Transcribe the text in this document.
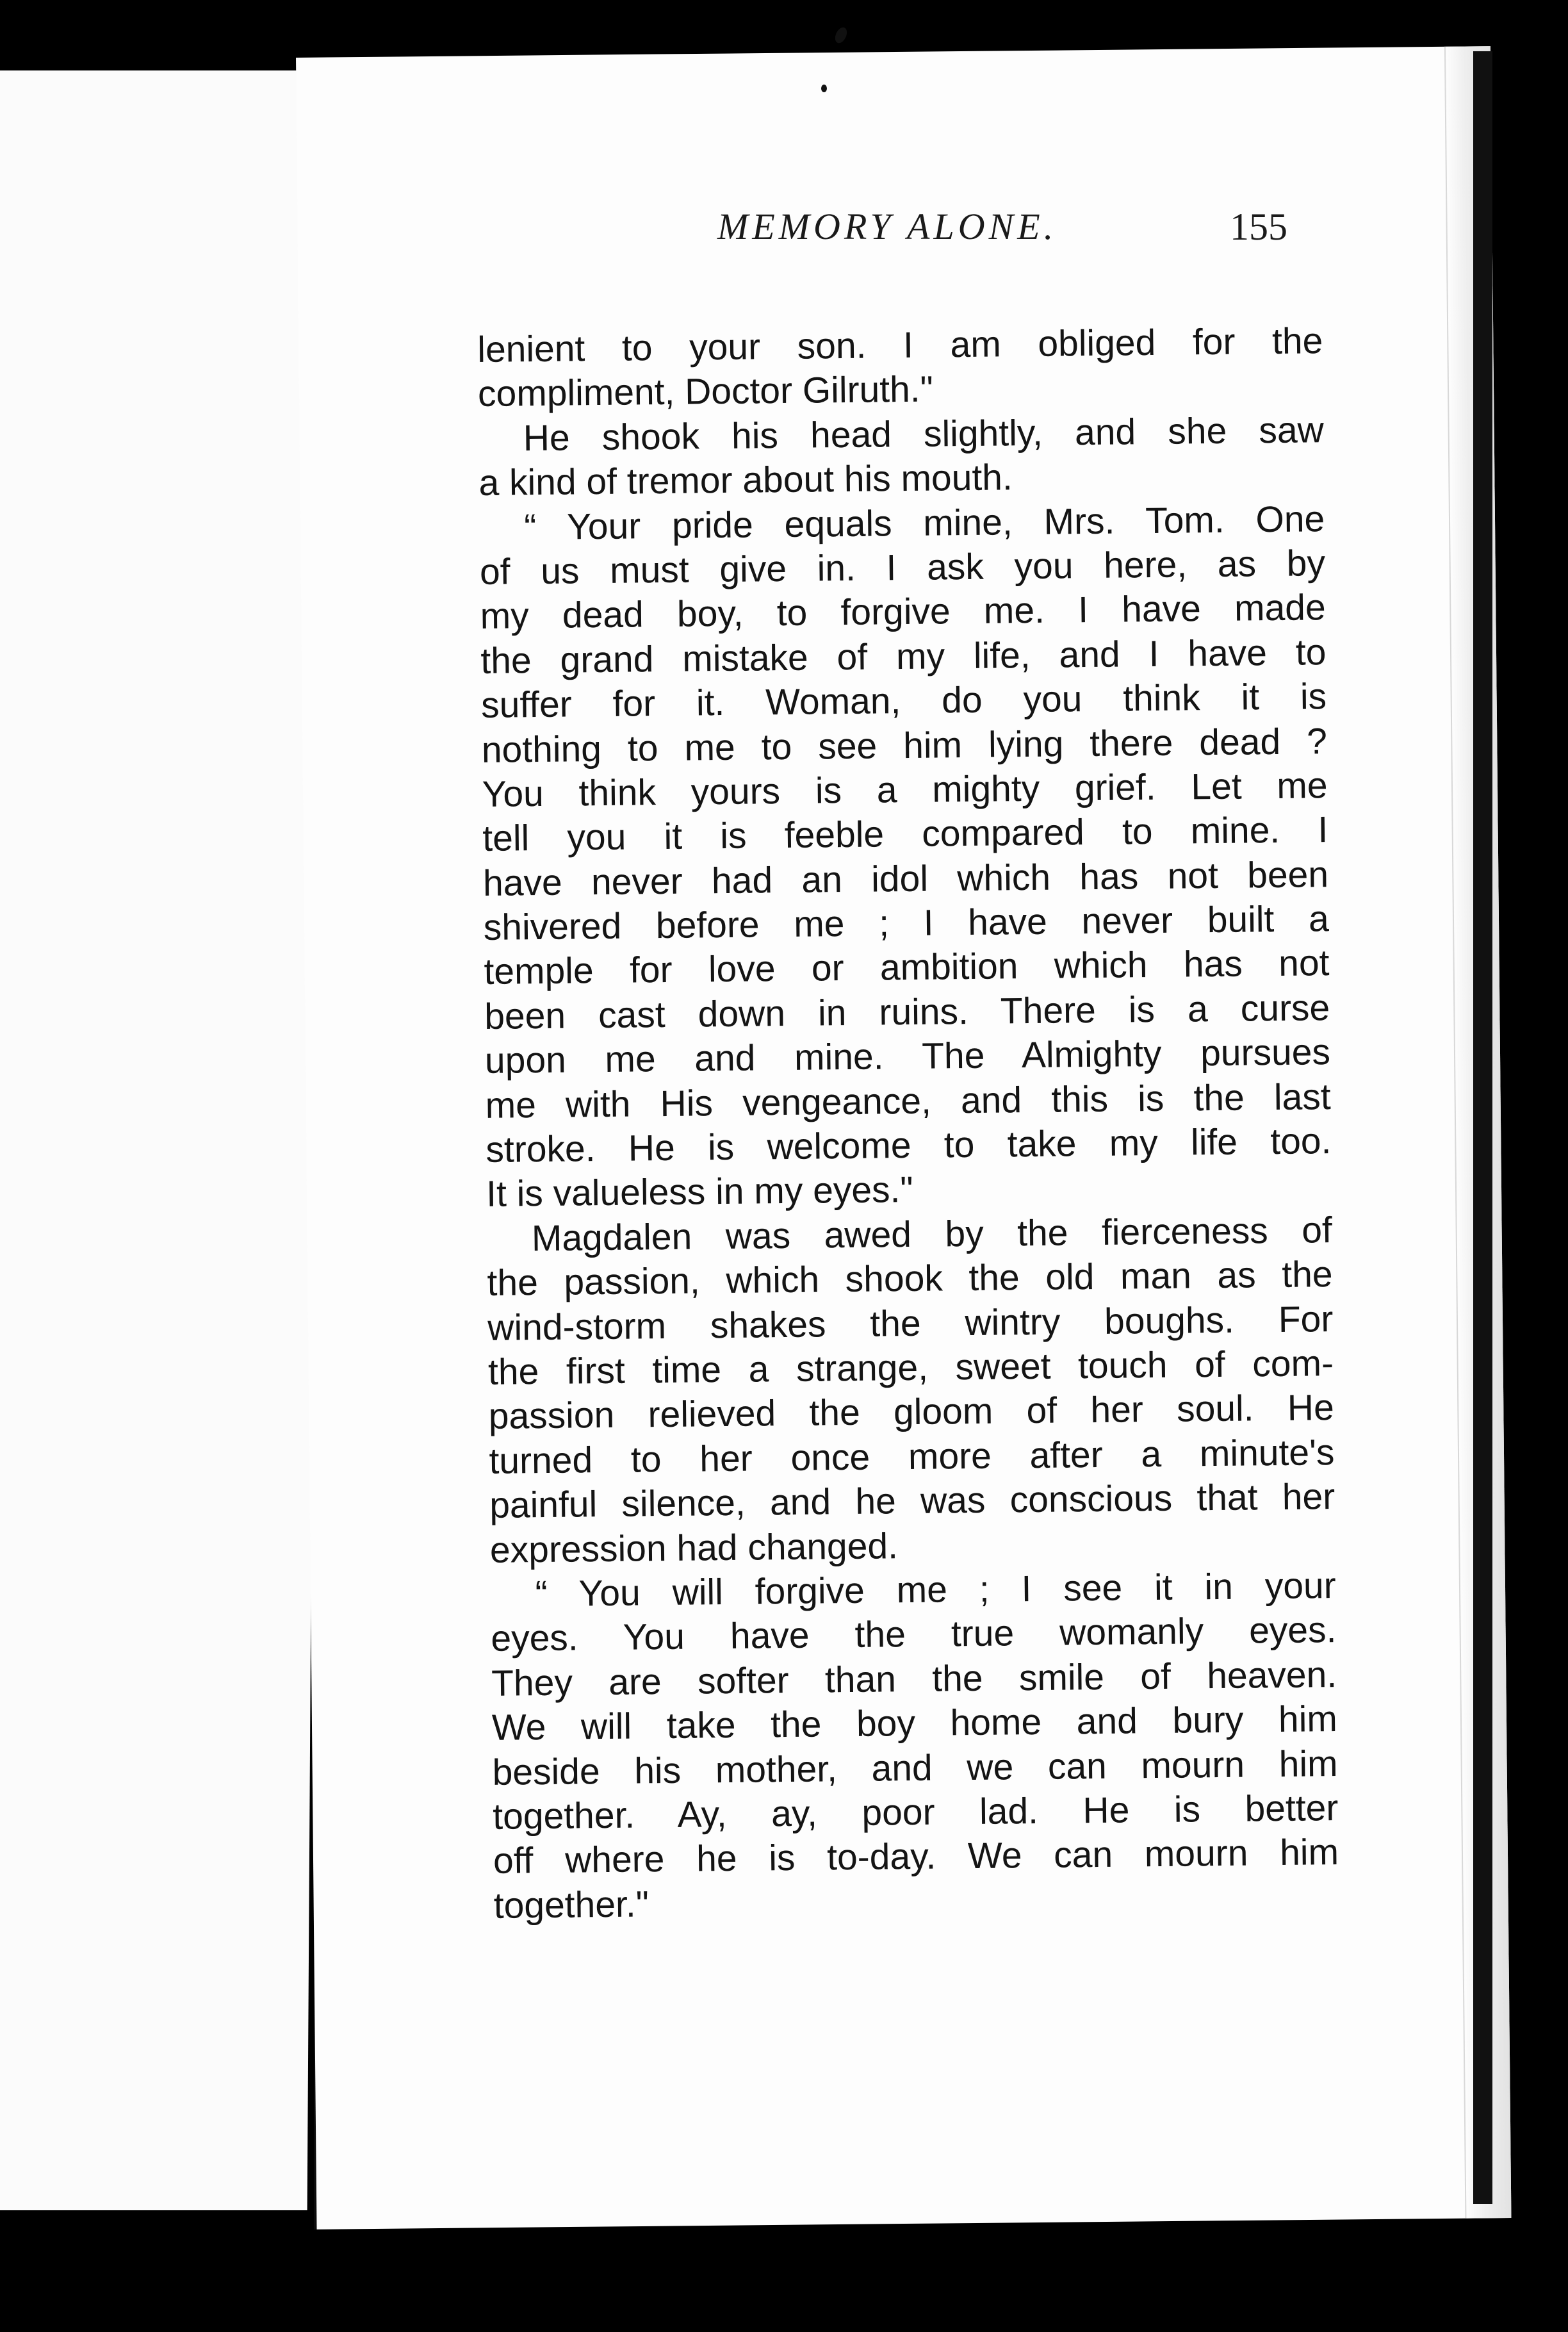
MEMORY ALONE.	155
lenient to your son. I am obliged for the
compliment, Doctor Gilruth."
He shook his head slightly, and she saw
a kind of tremor about his mouth.
“ Your pride equals mine, Mrs. Tom. One
of us must give in. I ask you here, as by
my dead boy, to forgive me. I have made
the grand mistake of my life, and I have to
suffer for it. Woman, do you think it is
nothing to me to see him lying there dead ?
You think yours is a mighty grief. Let me
tell you it is feeble compared to mine. I
have never had an idol which has not been
shivered before me ; I have never built a
temple for love or ambition which has not
been cast down in ruins. There is a curse
upon me and mine. The Almighty pursues
me with His vengeance, and this is the last
stroke. He is welcome to take my life too.
It is valueless in my eyes."
Magdalen was awed by the fierceness of
the passion, which shook the old man as the
wind-storm shakes the wintry boughs. For
the first time a strange, sweet touch of com-
passion relieved the gloom of her soul. He
turned to her once more after a minute's
painful silence, and he was conscious that her
expression had changed.
“ You will forgive me ; I see it in your
eyes. You have the true womanly eyes.
They are softer than the smile of heaven.
We will take the boy home and bury him
beside his mother, and we can mourn him
together. Ay, ay, poor lad. He is better
off where he is to-day. We can mourn him
together."
